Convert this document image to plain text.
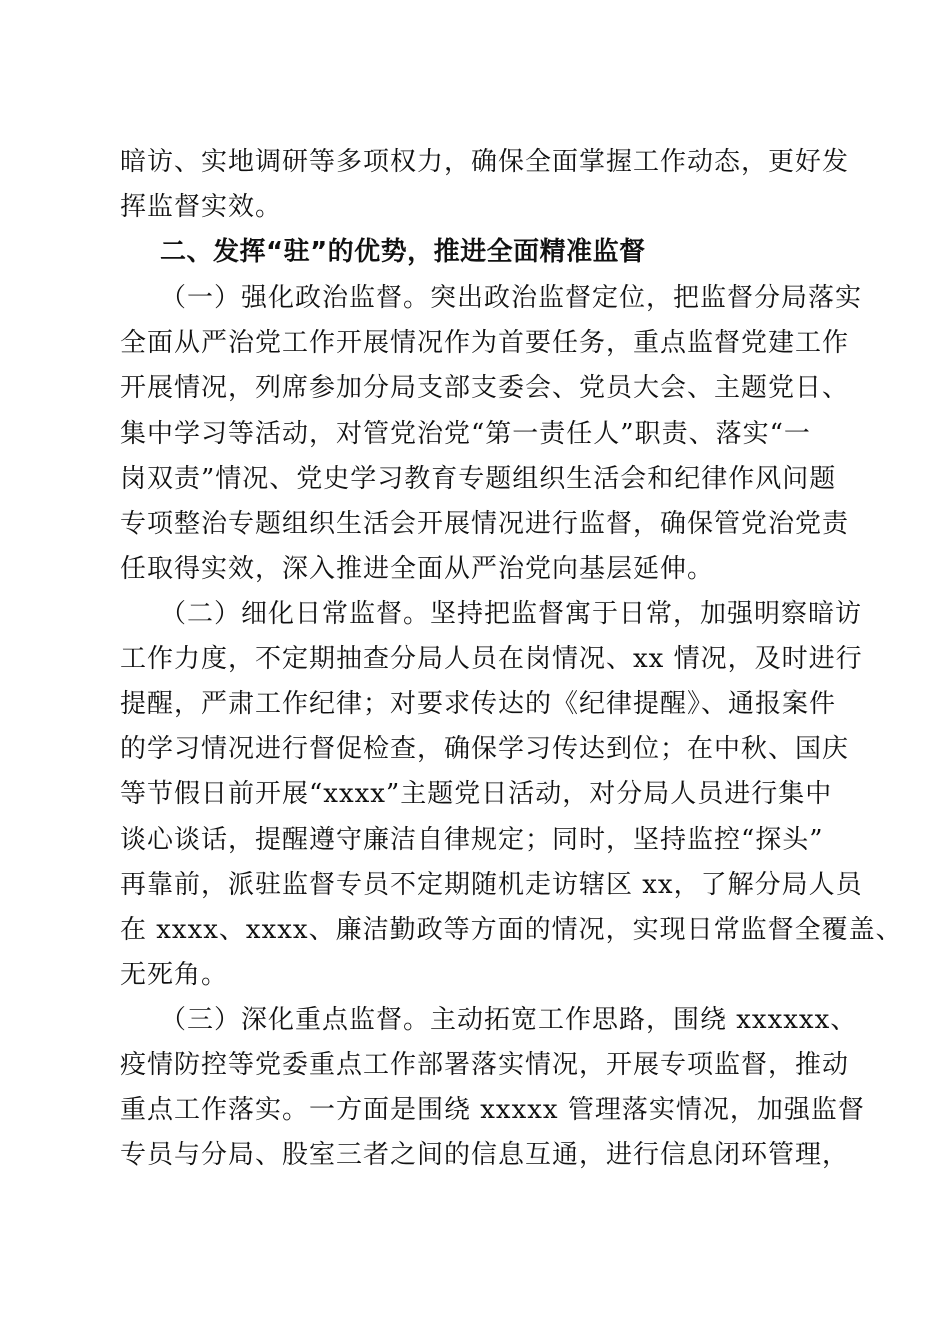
暗访、实地调研等多项权力，确保全面掌握工作动态，更好发
挥监督实效。
二、发挥“驻”的优势，推进全面精准监督
（一）强化政治监督。突出政治监督定位，把监督分局落实
全面从严治党工作开展情况作为首要任务，重点监督党建工作
开展情况，列席参加分局支部支委会、党员大会、主题党日、
集中学习等活动，对管党治党“第一责任人”职责、落实“一
岗双责”情况、党史学习教育专题组织生活会和纪律作风问题
专项整治专题组织生活会开展情况进行监督，确保管党治党责
任取得实效，深入推进全面从严治党向基层延伸。
（二）细化日常监督。坚持把监督寓于日常，加强明察暗访
工作力度，不定期抽查分局人员在岗情况、xx 情况，及时进行
提醒，严肃工作纪律；对要求传达的《纪律提醒》、通报案件
的学习情况进行督促检查，确保学习传达到位；在中秋、国庆
等节假日前开展“xxxx”主题党日活动，对分局人员进行集中
谈心谈话，提醒遵守廉洁自律规定；同时，坚持监控“探头”
再靠前，派驻监督专员不定期随机走访辖区 xx，了解分局人员
在 xxxx、xxxx、廉洁勤政等方面的情况，实现日常监督全覆盖、
无死角。
（三）深化重点监督。主动拓宽工作思路，围绕 xxxxxx、
疫情防控等党委重点工作部署落实情况，开展专项监督，推动
重点工作落实。一方面是围绕 xxxxx 管理落实情况，加强监督
专员与分局、股室三者之间的信息互通，进行信息闭环管理，
